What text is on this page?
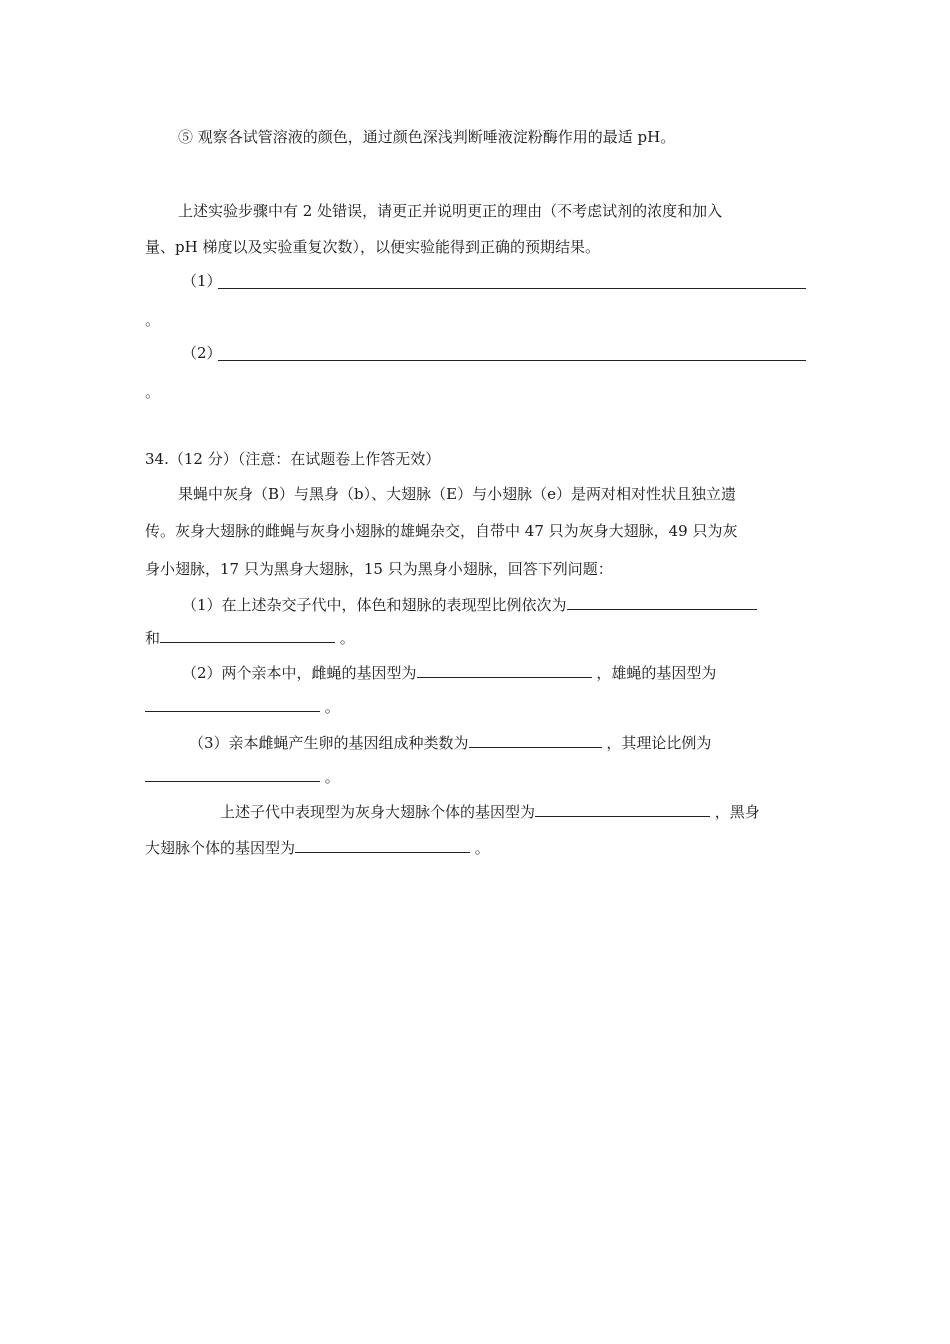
⑤ 观察各试管溶液的颜色，通过颜色深浅判断唾液淀粉酶作用的最适 pH。
上述实验步骤中有 2 处错误，请更正并说明更正的理由（不考虑试剂的浓度和加入
量、pH 梯度以及实验重复次数），以便实验能得到正确的预期结果。
（1）
。
（2）
。
34.（12 分）（注意：在试题卷上作答无效）
果蝇中灰身（B）与黑身（b）、大翅脉（E）与小翅脉（e）是两对相对性状且独立遗
传。灰身大翅脉的雌蝇与灰身小翅脉的雄蝇杂交，自带中 47 只为灰身大翅脉，49 只为灰
身小翅脉，17 只为黑身大翅脉，15 只为黑身小翅脉，回答下列问题：
（1）在上述杂交子代中，体色和翅脉的表现型比例依次为
和	。
（2）两个亲本中，雌蝇的基因型为	，雄蝇的基因型为
。
（3）亲本雌蝇产生卵的基因组成种类数为	，其理论比例为
。
上述子代中表现型为灰身大翅脉个体的基因型为	，黑身
大翅脉个体的基因型为	。
